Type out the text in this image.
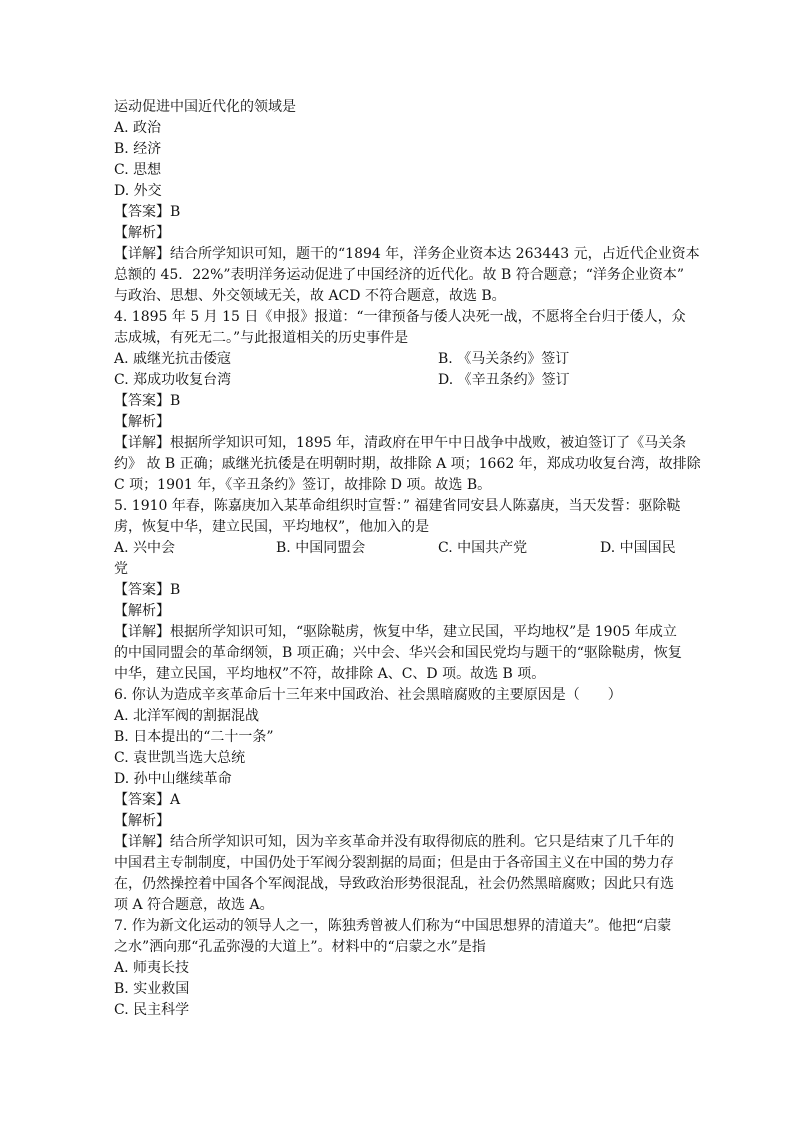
运动促进中国近代化的领域是
A. 政治
B. 经济
C. 思想
D. 外交
【答案】B
【解析】
【详解】结合所学知识可知，题干的“1894 年，洋务企业资本达 263443 元，占近代企业资本
总额的 45．22%”表明洋务运动促进了中国经济的近代化。故 B 符合题意；“洋务企业资本”
与政治、思想、外交领域无关，故 ACD 不符合题意，故选 B。
4. 1895 年 5 月 15 日《申报》报道：“一律预备与倭人决死一战，不愿将全台归于倭人，众
志成城，有死无二。”与此报道相关的历史事件是
A. 戚继光抗击倭寇	B. 《马关条约》签订
C. 郑成功收复台湾	D. 《辛丑条约》签订
【答案】B
【解析】
【详解】根据所学知识可知，1895 年，清政府在甲午中日战争中战败，被迫签订了《马关条
约》 故 B 正确；戚继光抗倭是在明朝时期，故排除 A 项；1662 年，郑成功收复台湾，故排除
C 项；1901 年，《辛丑条约》签订，故排除 D 项。故选 B。
5. 1910 年春，陈嘉庚加入某革命组织时宣誓：” 福建省同安县人陈嘉庚，当天发誓：驱除鞑
虏，恢复中华，建立民国，平均地权”，他加入的是
A. 兴中会	B. 中国同盟会	C. 中国共产党	D. 中国国民
党
【答案】B
【解析】
【详解】根据所学知识可知，“驱除鞑虏，恢复中华，建立民国，平均地权”是 1905 年成立
的中国同盟会的革命纲领，B 项正确；兴中会、华兴会和国民党均与题干的“驱除鞑虏，恢复
中华，建立民国，平均地权”不符，故排除 A、C、D 项。故选 B 项。
6. 你认为造成辛亥革命后十三年来中国政治、社会黑暗腐败的主要原因是（　　）
A. 北洋军阀的割据混战
B. 日本提出的“二十一条”
C. 袁世凯当选大总统
D. 孙中山继续革命
【答案】A
【解析】
【详解】结合所学知识可知，因为辛亥革命并没有取得彻底的胜利。它只是结束了几千年的
中国君主专制制度，中国仍处于军阀分裂割据的局面；但是由于各帝国主义在中国的势力存
在，仍然操控着中国各个军阀混战，导致政治形势很混乱，社会仍然黑暗腐败；因此只有选
项 A 符合题意，故选 A。
7. 作为新文化运动的领导人之一，陈独秀曾被人们称为“中国思想界的清道夫”。他把“启蒙
之水”洒向那“孔孟弥漫的大道上”。材料中的“启蒙之水”是指
A. 师夷长技
B. 实业救国
C. 民主科学
